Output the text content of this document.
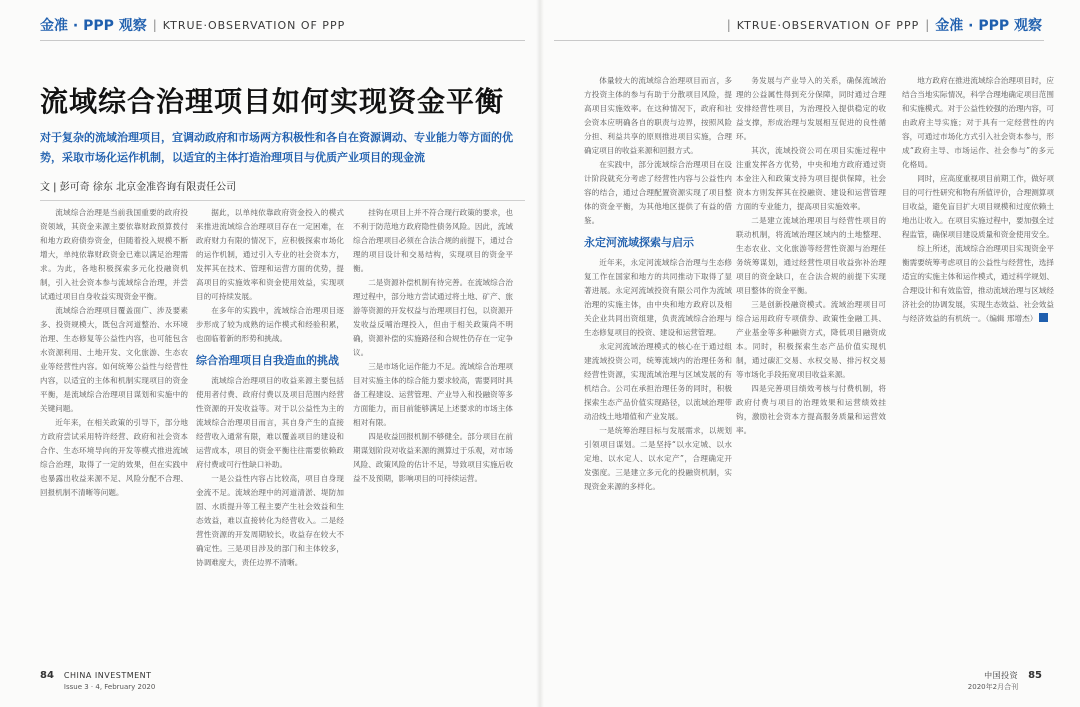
金准 · PPP 观察 | KTRUE·OBSERVATION OF PPP
流域综合治理项目如何实现资金平衡

对于复杂的流域治理项目，宜调动政府和市场两方积极性和各自在资源调动、专业能力等方面的优势，采取市场化运作机制，以适宜的主体打造治理项目与优质产业项目的现金流

文 | 彭可奇 徐东 北京金准咨询有限责任公司

流域综合治理是当前我国重要的政府投资领域，其资金来源主要依靠财政预算拨付和地方政府债券资金，但随着投入规模不断增大，单纯依靠财政资金已难以满足治理需求。为此，各地积极探索多元化投融资机制，引入社会资本参与流域综合治理，并尝试通过项目自身收益实现资金平衡。

流域综合治理项目覆盖面广、涉及要素多、投资规模大，既包含河道整治、水环境治理、生态修复等公益性内容，也可能包含水资源利用、土地开发、文化旅游、生态农业等经营性内容。如何统筹公益性与经营性内容，以适宜的主体和机制实现项目的资金平衡，是流域综合治理项目谋划和实施中的关键问题。

近年来，在相关政策的引导下，部分地方政府尝试采用特许经营、政府和社会资本合作、生态环境导向的开发等模式推进流域综合治理，取得了一定的效果，但在实践中也暴露出收益来源不足、风险分配不合理、回报机制不清晰等问题。

据此，以单纯依靠政府资金投入的模式来推进流域综合治理项目存在一定困难，在政府财力有限的情况下，应积极探索市场化的运作机制，通过引入专业的社会资本方，发挥其在技术、管理和运营方面的优势，提高项目的实施效率和资金使用效益，实现项目的可持续发展。

在多年的实践中，流域综合治理项目逐步形成了较为成熟的运作模式和经验积累，也面临着新的形势和挑战。

综合治理项目自我造血的挑战

流域综合治理项目的收益来源主要包括使用者付费、政府付费以及项目范围内经营性资源的开发收益等。对于以公益性为主的流域综合治理项目而言，其自身产生的直接经营收入通常有限，难以覆盖项目的建设和运营成本，项目的资金平衡往往需要依赖政府付费或可行性缺口补助。

一是公益性内容占比较高，项目自身现金流不足。流域治理中的河道清淤、堤防加固、水质提升等工程主要产生社会效益和生态效益，难以直接转化为经营收入。二是经营性资源的开发周期较长，收益存在较大不确定性。三是项目涉及的部门和主体较多，协调难度大，责任边界不清晰。

挂钩在项目上并不符合现行政策的要求，也不利于防范地方政府隐性债务风险。因此，流域综合治理项目必须在合法合规的前提下，通过合理的项目设计和交易结构，实现项目的资金平衡。

二是资源补偿机制有待完善。在流域综合治理过程中，部分地方尝试通过将土地、矿产、旅游等资源的开发权益与治理项目打包，以资源开发收益反哺治理投入，但由于相关政策尚不明确，资源补偿的实施路径和合规性仍存在一定争议。

三是市场化运作能力不足。流域综合治理项目对实施主体的综合能力要求较高，需要同时具备工程建设、运营管理、产业导入和投融资等多方面能力，而目前能够满足上述要求的市场主体相对有限。

四是收益回报机制不够健全。部分项目在前期谋划阶段对收益来源的测算过于乐观，对市场风险、政策风险的估计不足，导致项目实施后收益不及预期，影响项目的可持续运营。

84 CHINA INVESTMENT
Issue 3 · 4, February 2020
| KTRUE·OBSERVATION OF PPP | 金准 · PPP 观察

体量较大的流域综合治理项目而言，多方投资主体的参与有助于分散项目风险，提高项目实施效率。在这种情况下，政府和社会资本应明确各自的职责与边界，按照风险分担、利益共享的原则推进项目实施，合理确定项目的收益来源和回报方式。

在实践中，部分流域综合治理项目在设计阶段就充分考虑了经营性内容与公益性内容的结合，通过合理配置资源实现了项目整体的资金平衡，为其他地区提供了有益的借鉴。

永定河流域探索与启示

近年来，永定河流域综合治理与生态修复工作在国家和地方的共同推动下取得了显著进展。永定河流域投资有限公司作为流域治理的实施主体，由中央和地方政府以及相关企业共同出资组建，负责流域综合治理与生态修复项目的投资、建设和运营管理。

永定河流域治理模式的核心在于通过组建流域投资公司，统筹流域内的治理任务和经营性资源，实现流域治理与区域发展的有机结合。公司在承担治理任务的同时，积极探索生态产品价值实现路径，以流域治理带动沿线土地增值和产业发展。

一是统筹治理目标与发展需求，以规划引领项目谋划。二是坚持“以水定城、以水定地、以水定人、以水定产”，合理确定开发强度。三是建立多元化的投融资机制，实现资金来源的多样化。

务发展与产业导入的关系，确保流域治理的公益属性得到充分保障，同时通过合理安排经营性项目，为治理投入提供稳定的收益支撑，形成治理与发展相互促进的良性循环。

其次，流域投资公司在项目实施过程中注重发挥各方优势，中央和地方政府通过资本金注入和政策支持为项目提供保障，社会资本方则发挥其在投融资、建设和运营管理方面的专业能力，提高项目实施效率。

二是建立流域治理项目与经营性项目的联动机制，将流域治理区域内的土地整理、生态农业、文化旅游等经营性资源与治理任务统筹谋划，通过经营性项目收益弥补治理项目的资金缺口，在合法合规的前提下实现项目整体的资金平衡。

三是创新投融资模式。流域治理项目可综合运用政府专项债券、政策性金融工具、产业基金等多种融资方式，降低项目融资成本。同时，积极探索生态产品价值实现机制，通过碳汇交易、水权交易、排污权交易等市场化手段拓宽项目收益来源。

四是完善项目绩效考核与付费机制，将政府付费与项目的治理效果和运营绩效挂钩，激励社会资本方提高服务质量和运营效率。

地方政府在推进流域综合治理项目时，应结合当地实际情况，科学合理地确定项目范围和实施模式。对于公益性较强的治理内容，可由政府主导实施；对于具有一定经营性的内容，可通过市场化方式引入社会资本参与，形成“政府主导、市场运作、社会参与”的多元化格局。

同时，应高度重视项目前期工作，做好项目的可行性研究和物有所值评价，合理测算项目收益，避免盲目扩大项目规模和过度依赖土地出让收入。在项目实施过程中，要加强全过程监管，确保项目建设质量和资金使用安全。

综上所述，流域综合治理项目实现资金平衡需要统筹考虑项目的公益性与经营性，选择适宜的实施主体和运作模式，通过科学规划、合理设计和有效监管，推动流域治理与区域经济社会的协调发展，实现生态效益、社会效益与经济效益的有机统一。（编辑 邢增杰）

中国投资
2020年2月合刊
85
